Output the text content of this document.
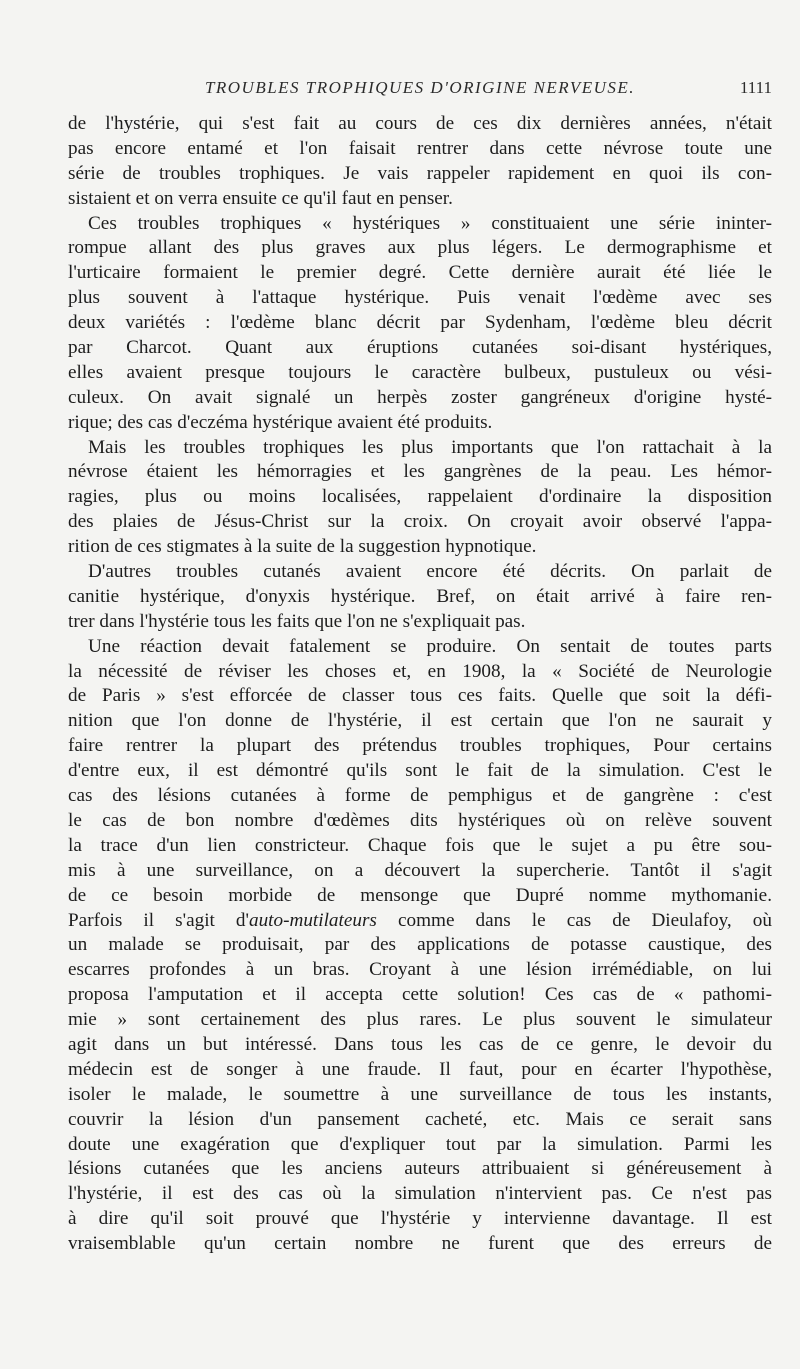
TROUBLES TROPHIQUES D'ORIGINE NERVEUSE.	1111
de l'hystérie, qui s'est fait au cours de ces dix dernières années, n'était
pas encore entamé et l'on faisait rentrer dans cette névrose toute une
série de troubles trophiques. Je vais rappeler rapidement en quoi ils con-
sistaient et on verra ensuite ce qu'il faut en penser.
Ces troubles trophiques « hystériques » constituaient une série ininter-
rompue allant des plus graves aux plus légers. Le dermographisme et
l'urticaire formaient le premier degré. Cette dernière aurait été liée le
plus souvent à l'attaque hystérique. Puis venait l'œdème avec ses
deux variétés : l'œdème blanc décrit par Sydenham, l'œdème bleu décrit
par Charcot. Quant aux éruptions cutanées soi-disant hystériques,
elles avaient presque toujours le caractère bulbeux, pustuleux ou vési-
culeux. On avait signalé un herpès zoster gangréneux d'origine hysté-
rique; des cas d'eczéma hystérique avaient été produits.
Mais les troubles trophiques les plus importants que l'on rattachait à la
névrose étaient les hémorragies et les gangrènes de la peau. Les hémor-
ragies, plus ou moins localisées, rappelaient d'ordinaire la disposition
des plaies de Jésus-Christ sur la croix. On croyait avoir observé l'appa-
rition de ces stigmates à la suite de la suggestion hypnotique.
D'autres troubles cutanés avaient encore été décrits. On parlait de
canitie hystérique, d'onyxis hystérique. Bref, on était arrivé à faire ren-
trer dans l'hystérie tous les faits que l'on ne s'expliquait pas.
Une réaction devait fatalement se produire. On sentait de toutes parts
la nécessité de réviser les choses et, en 1908, la « Société de Neurologie
de Paris » s'est efforcée de classer tous ces faits. Quelle que soit la défi-
nition que l'on donne de l'hystérie, il est certain que l'on ne saurait y
faire rentrer la plupart des prétendus troubles trophiques, Pour certains
d'entre eux, il est démontré qu'ils sont le fait de la simulation. C'est le
cas des lésions cutanées à forme de pemphigus et de gangrène : c'est
le cas de bon nombre d'œdèmes dits hystériques où on relève souvent
la trace d'un lien constricteur. Chaque fois que le sujet a pu être sou-
mis à une surveillance, on a découvert la supercherie. Tantôt il s'agit
de ce besoin morbide de mensonge que Dupré nomme mythomanie.
Parfois il s'agit d'auto-mutilateurs comme dans le cas de Dieulafoy, où
un malade se produisait, par des applications de potasse caustique, des
escarres profondes à un bras. Croyant à une lésion irrémédiable, on lui
proposa l'amputation et il accepta cette solution! Ces cas de « pathomi-
mie » sont certainement des plus rares. Le plus souvent le simulateur
agit dans un but intéressé. Dans tous les cas de ce genre, le devoir du
médecin est de songer à une fraude. Il faut, pour en écarter l'hypothèse,
isoler le malade, le soumettre à une surveillance de tous les instants,
couvrir la lésion d'un pansement cacheté, etc. Mais ce serait sans
doute une exagération que d'expliquer tout par la simulation. Parmi les
lésions cutanées que les anciens auteurs attribuaient si généreusement à
l'hystérie, il est des cas où la simulation n'intervient pas. Ce n'est pas
à dire qu'il soit prouvé que l'hystérie y intervienne davantage. Il est
vraisemblable qu'un certain nombre ne furent que des erreurs de
